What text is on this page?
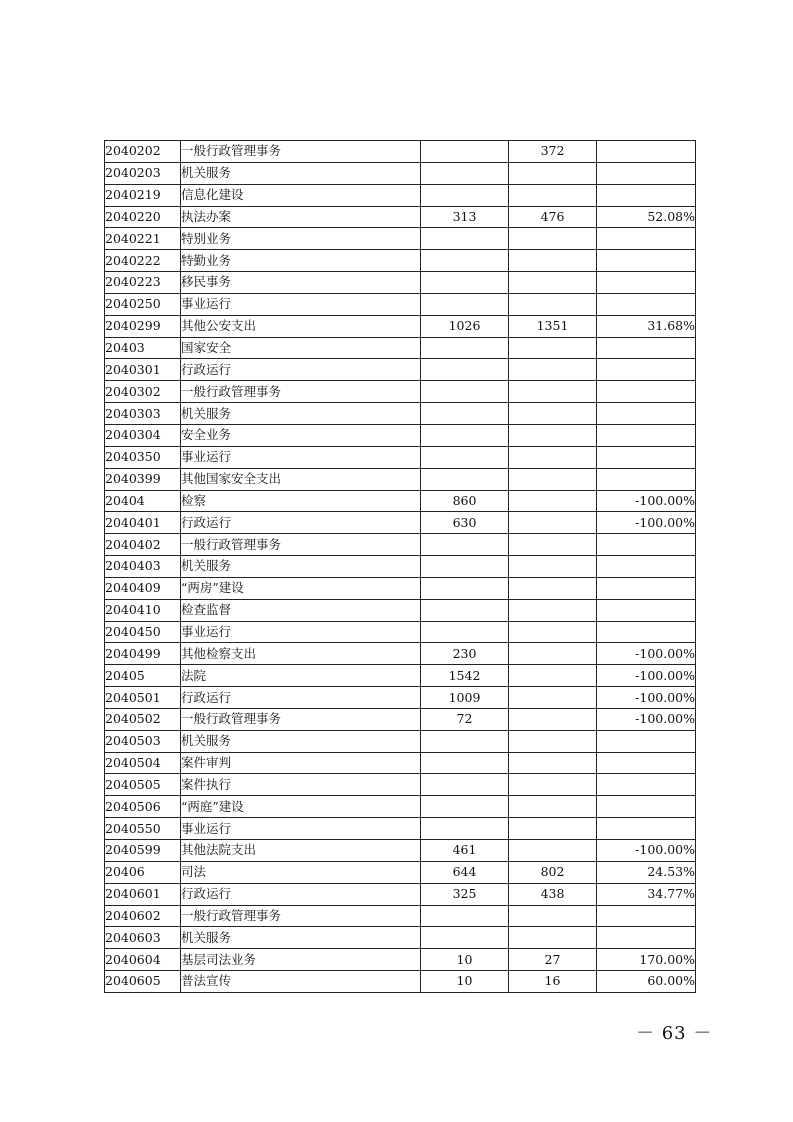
2040202	一般行政管理事务		372	
2040203	机关服务			
2040219	信息化建设			
2040220	执法办案	313	476	52.08%
2040221	特别业务			
2040222	特勤业务			
2040223	移民事务			
2040250	事业运行			
2040299	其他公安支出	1026	1351	31.68%
20403	国家安全			
2040301	行政运行			
2040302	一般行政管理事务			
2040303	机关服务			
2040304	安全业务			
2040350	事业运行			
2040399	其他国家安全支出			
20404	检察	860		-100.00%
2040401	行政运行	630		-100.00%
2040402	一般行政管理事务			
2040403	机关服务			
2040409	“两房”建设			
2040410	检查监督			
2040450	事业运行			
2040499	其他检察支出	230		-100.00%
20405	法院	1542		-100.00%
2040501	行政运行	1009		-100.00%
2040502	一般行政管理事务	72		-100.00%
2040503	机关服务			
2040504	案件审判			
2040505	案件执行			
2040506	“两庭”建设			
2040550	事业运行			
2040599	其他法院支出	461		-100.00%
20406	司法	644	802	24.53%
2040601	行政运行	325	438	34.77%
2040602	一般行政管理事务			
2040603	机关服务			
2040604	基层司法业务	10	27	170.00%
2040605	普法宣传	10	16	60.00%
－ 63 －
